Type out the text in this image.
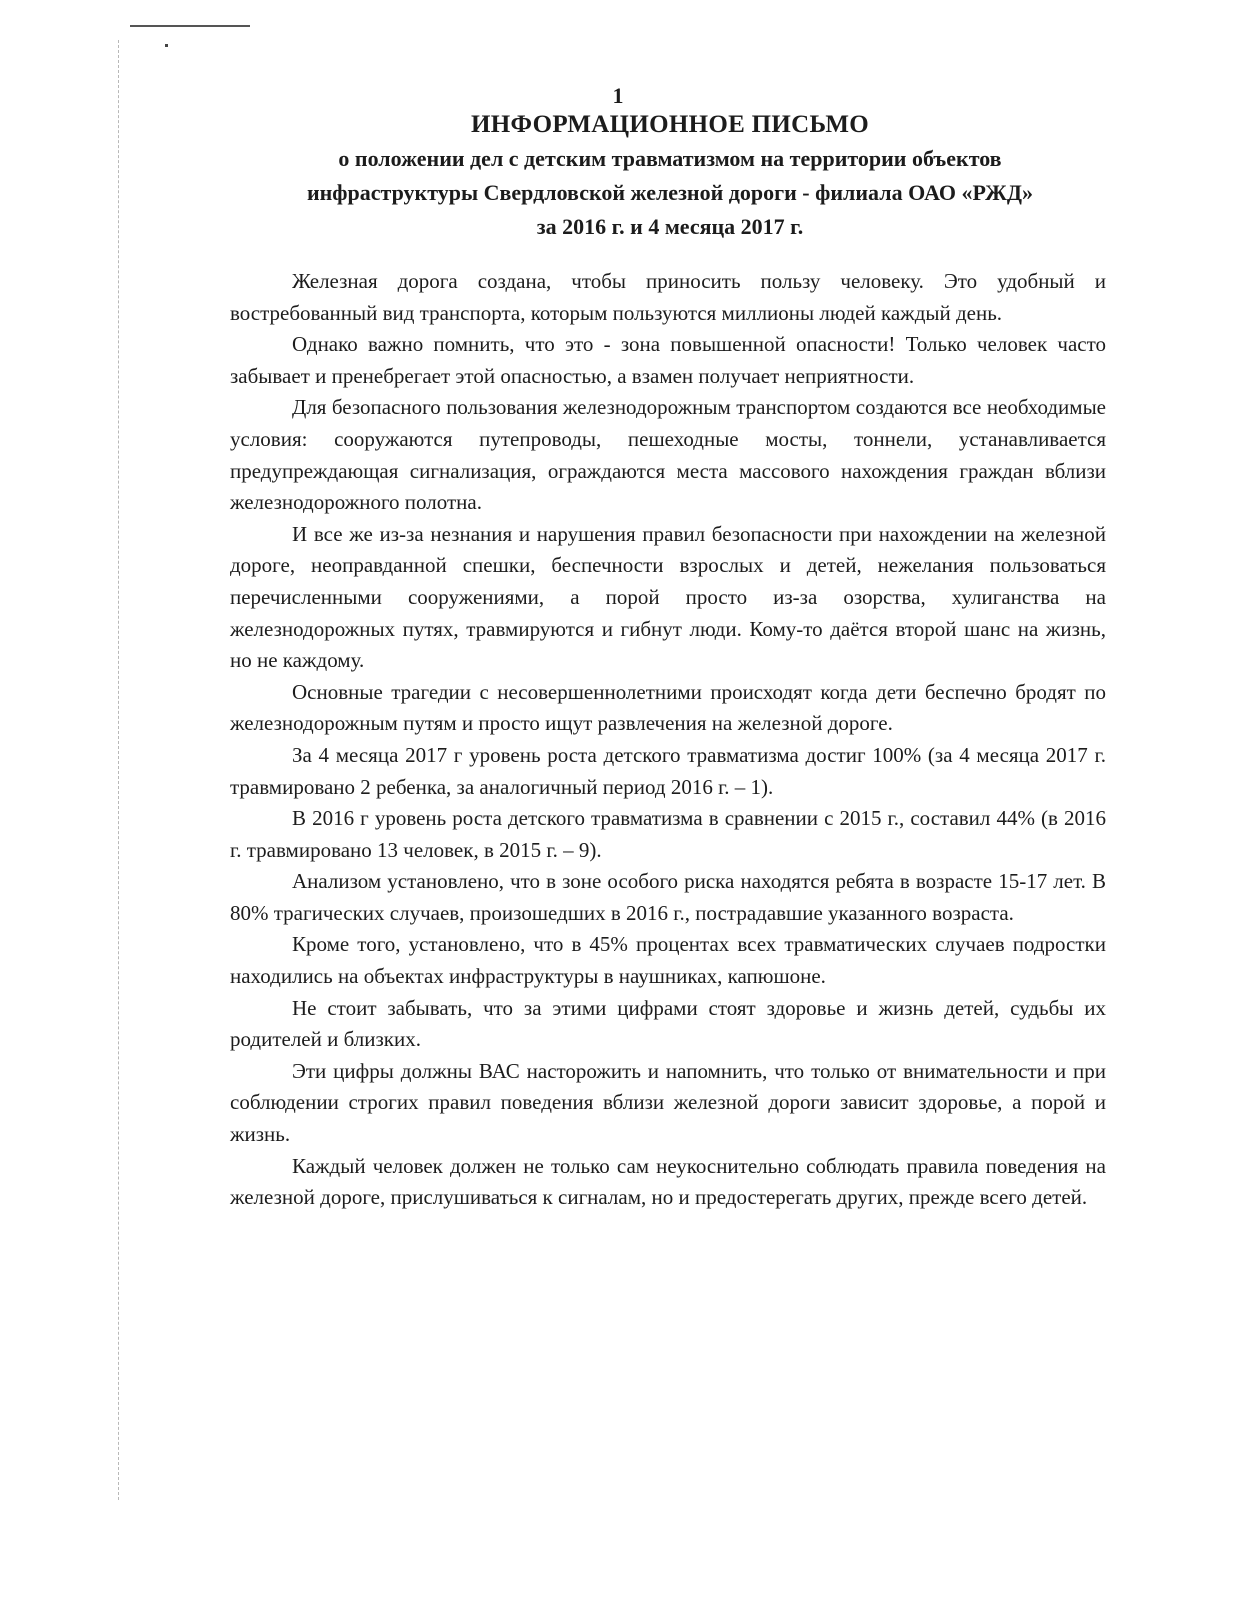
1
ИНФОРМАЦИОННОЕ ПИСЬМО
о положении дел с детским травматизмом на территории объектов
инфраструктуры Свердловской железной дороги - филиала ОАО «РЖД»
за 2016 г. и 4 месяца 2017 г.

Железная дорога создана, чтобы приносить пользу человеку. Это удобный и востребованный вид транспорта, которым пользуются миллионы людей каждый день.

Однако важно помнить, что это - зона повышенной опасности! Только человек часто забывает и пренебрегает этой опасностью, а взамен получает неприятности.

Для безопасного пользования железнодорожным транспортом создаются все необходимые условия: сооружаются путепроводы, пешеходные мосты, тоннели, устанавливается предупреждающая сигнализация, ограждаются места массового нахождения граждан вблизи железнодорожного полотна.

И все же из-за незнания и нарушения правил безопасности при нахождении на железной дороге, неоправданной спешки, беспечности взрослых и детей, нежелания пользоваться перечисленными сооружениями, а порой просто из-за озорства, хулиганства на железнодорожных путях, травмируются и гибнут люди. Кому-то даётся второй шанс на жизнь, но не каждому.

Основные трагедии с несовершеннолетними происходят когда дети беспечно бродят по железнодорожным путям и просто ищут развлечения на железной дороге.

За 4 месяца 2017 г уровень роста детского травматизма достиг 100% (за 4 месяца 2017 г. травмировано 2 ребенка, за аналогичный период 2016 г. – 1).

В 2016 г уровень роста детского травматизма в сравнении с 2015 г., составил 44% (в 2016 г. травмировано 13 человек, в 2015 г. – 9).

Анализом установлено, что в зоне особого риска находятся ребята в возрасте 15-17 лет. В 80% трагических случаев, произошедших в 2016 г., пострадавшие указанного возраста.

Кроме того, установлено, что в 45% процентах всех травматических случаев подростки находились на объектах инфраструктуры в наушниках, капюшоне.

Не стоит забывать, что за этими цифрами стоят здоровье и жизнь детей, судьбы их родителей и близких.

Эти цифры должны ВАС насторожить и напомнить, что только от внимательности и при соблюдении строгих правил поведения вблизи железной дороги зависит здоровье, а порой и жизнь.

Каждый человек должен не только сам неукоснительно соблюдать правила поведения на железной дороге, прислушиваться к сигналам, но и предостерегать других, прежде всего детей.
